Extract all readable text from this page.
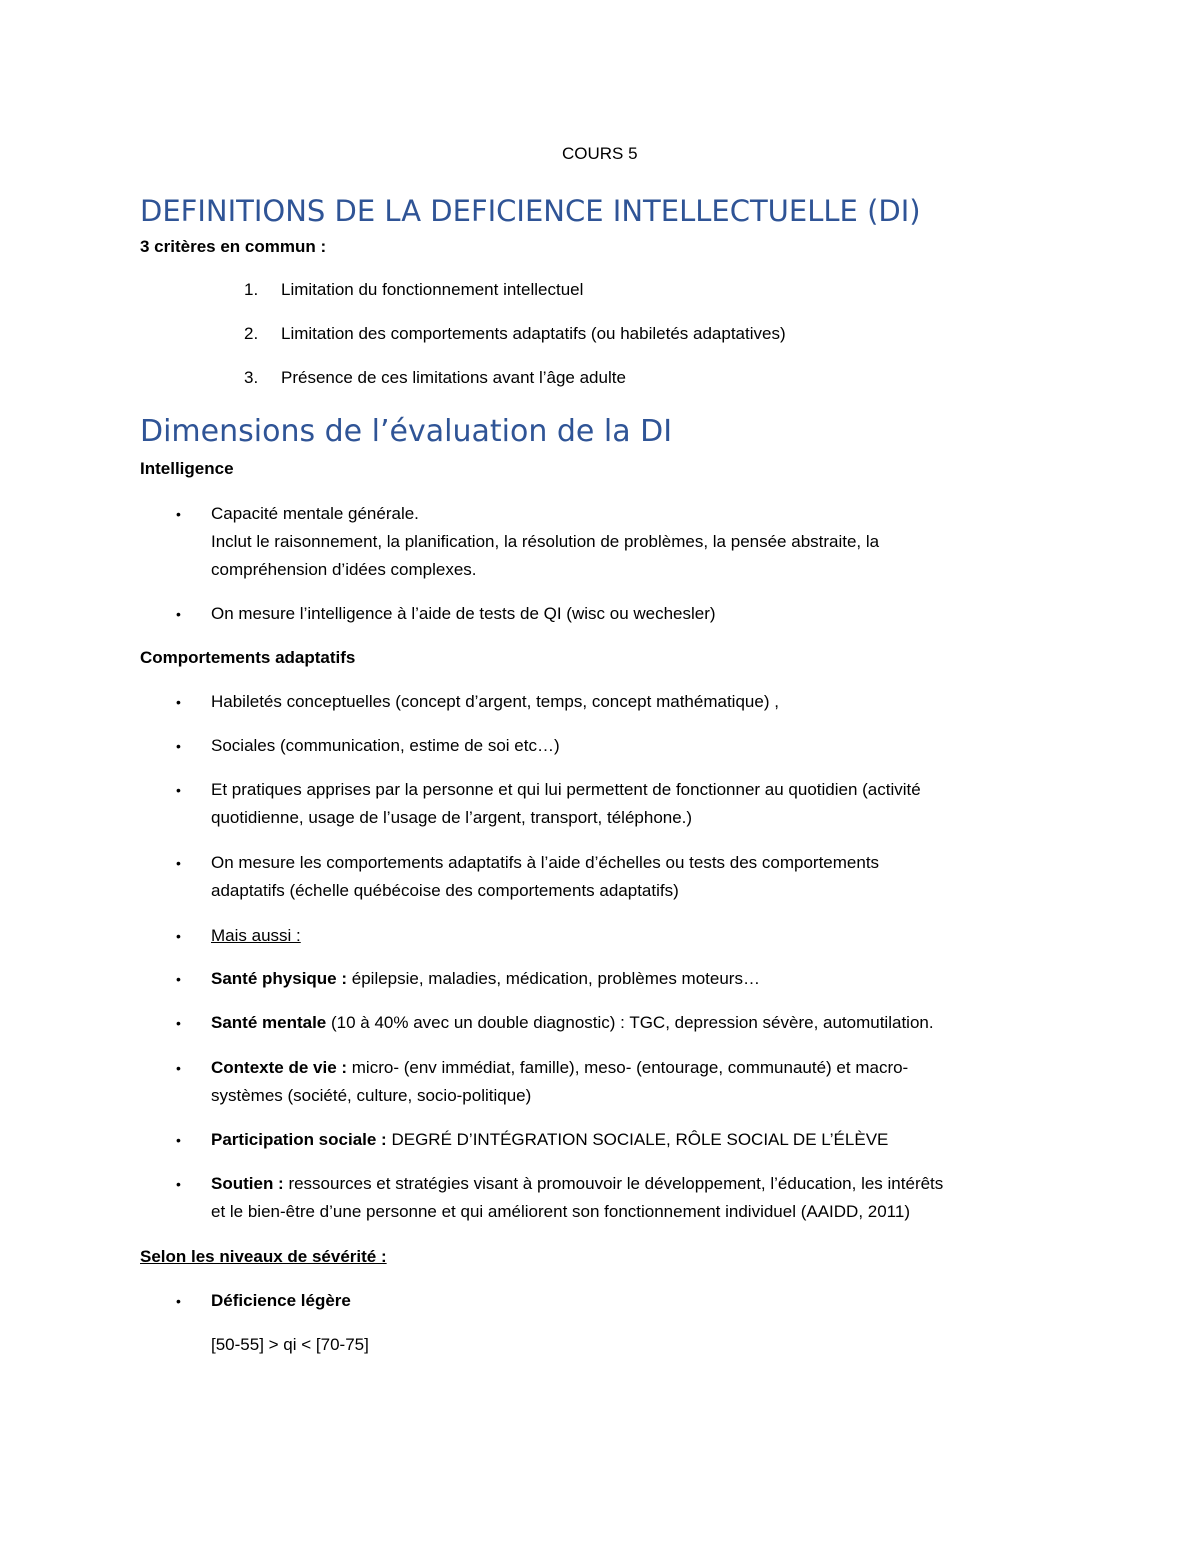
COURS 5
DEFINITIONS DE LA DEFICIENCE INTELLECTUELLE (DI)
3 critères en commun :
1. Limitation du fonctionnement intellectuel
2. Limitation des comportements adaptatifs (ou habiletés adaptatives)
3. Présence de ces limitations avant l’âge adulte
Dimensions de l’évaluation de la DI
Intelligence
• Capacité mentale générale.
Inclut le raisonnement, la planification, la résolution de problèmes, la pensée abstraite, la
compréhension d’idées complexes.
• On mesure l’intelligence à l’aide de tests de QI (wisc ou wechesler)
Comportements adaptatifs
• Habiletés conceptuelles (concept d’argent, temps, concept mathématique) ,
• Sociales (communication, estime de soi etc…)
• Et pratiques apprises par la personne et qui lui permettent de fonctionner au quotidien (activité
quotidienne, usage de l’usage de l’argent, transport, téléphone.)
• On mesure les comportements adaptatifs à l’aide d’échelles ou tests des comportements
adaptatifs (échelle québécoise des comportements adaptatifs)
• Mais aussi :
• Santé physique : épilepsie, maladies, médication, problèmes moteurs…
• Santé mentale (10 à 40% avec un double diagnostic) : TGC, depression sévère, automutilation.
• Contexte de vie : micro- (env immédiat, famille), meso- (entourage, communauté) et macro-
systèmes (société, culture, socio-politique)
• Participation sociale : DEGRÉ D’INTÉGRATION SOCIALE, RÔLE SOCIAL DE L’ÉLÈVE
• Soutien : ressources et stratégies visant à promouvoir le développement, l’éducation, les intérêts
et le bien-être d’une personne et qui améliorent son fonctionnement individuel (AAIDD, 2011)
Selon les niveaux de sévérité :
• Déficience légère
[50-55] > qi < [70-75]
